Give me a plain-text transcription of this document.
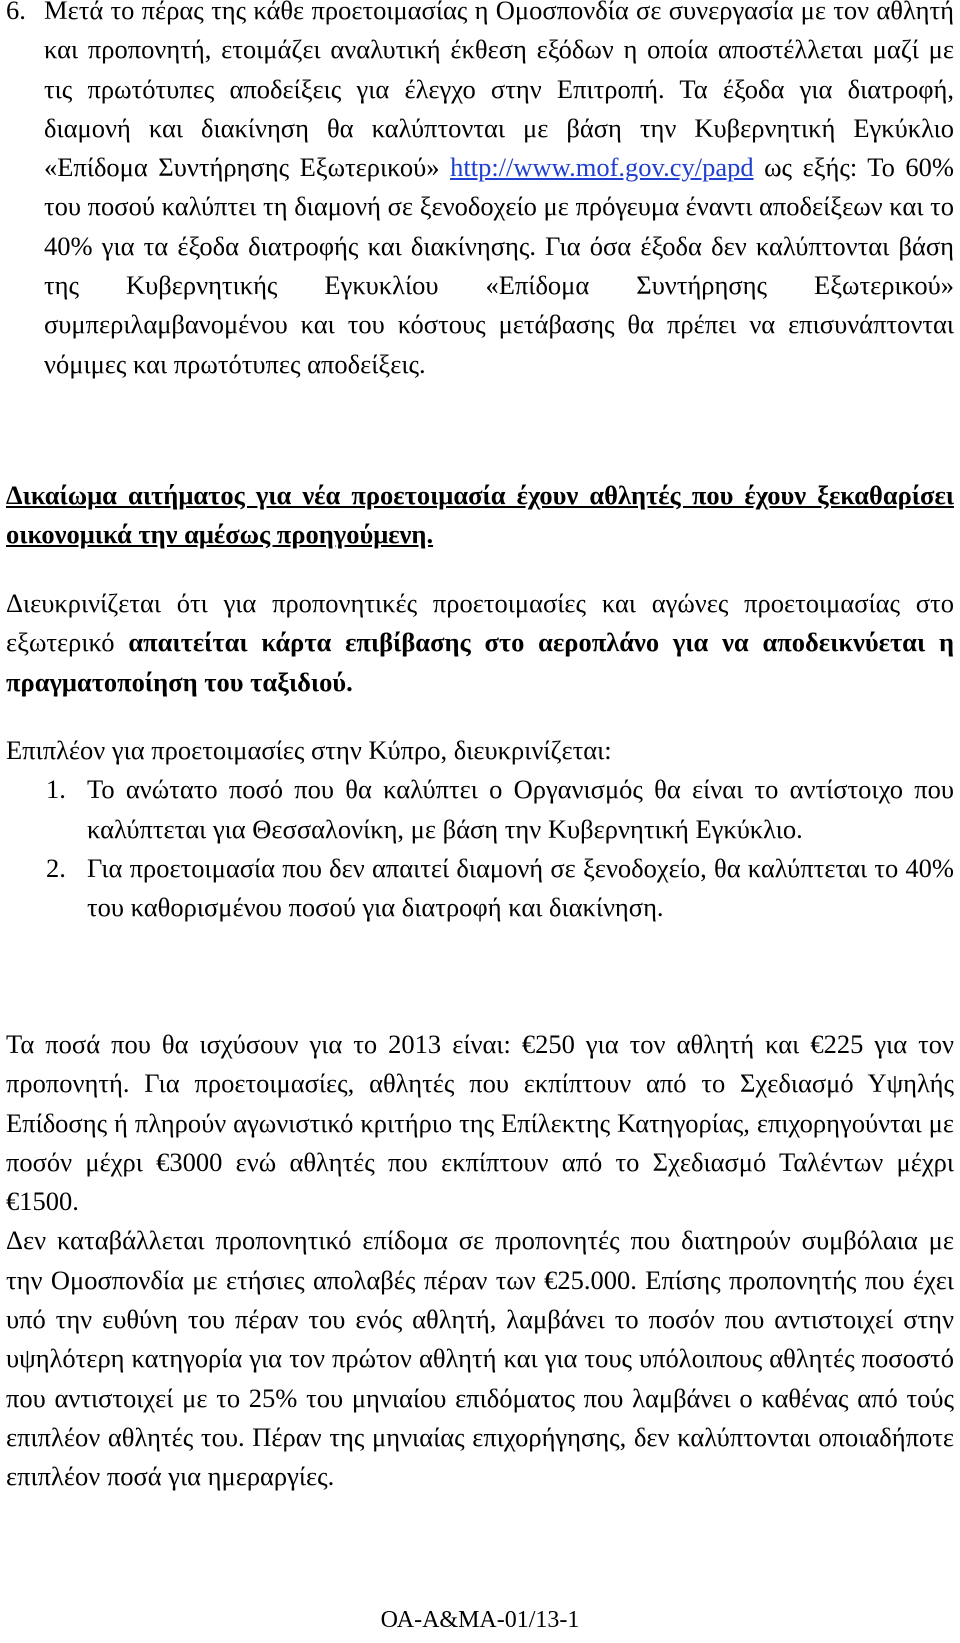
6. Μετά το πέρας της κάθε προετοιμασίας η Ομοσπονδία σε συνεργασία με τον αθλητή και προπονητή, ετοιμάζει αναλυτική έκθεση εξόδων η οποία αποστέλλεται μαζί με τις πρωτότυπες αποδείξεις για έλεγχο στην Επιτροπή. Τα έξοδα για διατροφή, διαμονή και διακίνηση θα καλύπτονται με βάση την Κυβερνητική Εγκύκλιο «Επίδομα Συντήρησης Εξωτερικού» http://www.mof.gov.cy/papd ως εξής: Το 60% του ποσού καλύπτει τη διαμονή σε ξενοδοχείο με πρόγευμα έναντι αποδείξεων και το 40% για τα έξοδα διατροφής και διακίνησης. Για όσα έξοδα δεν καλύπτονται βάση της Κυβερνητικής Εγκυκλίου «Επίδομα Συντήρησης Εξωτερικού» συμπεριλαμβανομένου και του κόστους μετάβασης θα πρέπει να επισυνάπτονται νόμιμες και πρωτότυπες αποδείξεις.

Δικαίωμα αιτήματος για νέα προετοιμασία έχουν αθλητές που έχουν ξεκαθαρίσει οικονομικά την αμέσως προηγούμενη.

Διευκρινίζεται ότι για προπονητικές προετοιμασίες και αγώνες προετοιμασίας στο εξωτερικό απαιτείται κάρτα επιβίβασης στο αεροπλάνο για να αποδεικνύεται η πραγματοποίηση του ταξιδιού.

Επιπλέον για προετοιμασίες στην Κύπρο, διευκρινίζεται:

1. Το ανώτατο ποσό που θα καλύπτει ο Οργανισμός θα είναι το αντίστοιχο που καλύπτεται για Θεσσαλονίκη, με βάση την Κυβερνητική Εγκύκλιο.

2. Για προετοιμασία που δεν απαιτεί διαμονή σε ξενοδοχείο, θα καλύπτεται το 40% του καθορισμένου ποσού για διατροφή και διακίνηση.

Τα ποσά που θα ισχύσουν για το 2013 είναι: €250 για τον αθλητή και €225 για τον προπονητή. Για προετοιμασίες, αθλητές που εκπίπτουν από το Σχεδιασμό Υψηλής Επίδοσης ή πληρούν αγωνιστικό κριτήριο της Επίλεκτης Κατηγορίας, επιχορηγούνται με ποσόν μέχρι €3000 ενώ αθλητές που εκπίπτουν από το Σχεδιασμό Ταλέντων μέχρι €1500.

Δεν καταβάλλεται προπονητικό επίδομα σε προπονητές που διατηρούν συμβόλαια με την Ομοσπονδία με ετήσιες απολαβές πέραν των €25.000. Επίσης προπονητής που έχει υπό την ευθύνη του πέραν του ενός αθλητή, λαμβάνει το ποσόν που αντιστοιχεί στην υψηλότερη κατηγορία για τον πρώτον αθλητή και για τους υπόλοιπους αθλητές ποσοστό που αντιστοιχεί με το 25% του μηνιαίου επιδόματος που λαμβάνει ο καθένας από τούς επιπλέον αθλητές του. Πέραν της μηνιαίας επιχορήγησης, δεν καλύπτονται οποιαδήποτε επιπλέον ποσά για ημεραργίες.

ΟΑ-Α&ΜΑ-01/13-1
